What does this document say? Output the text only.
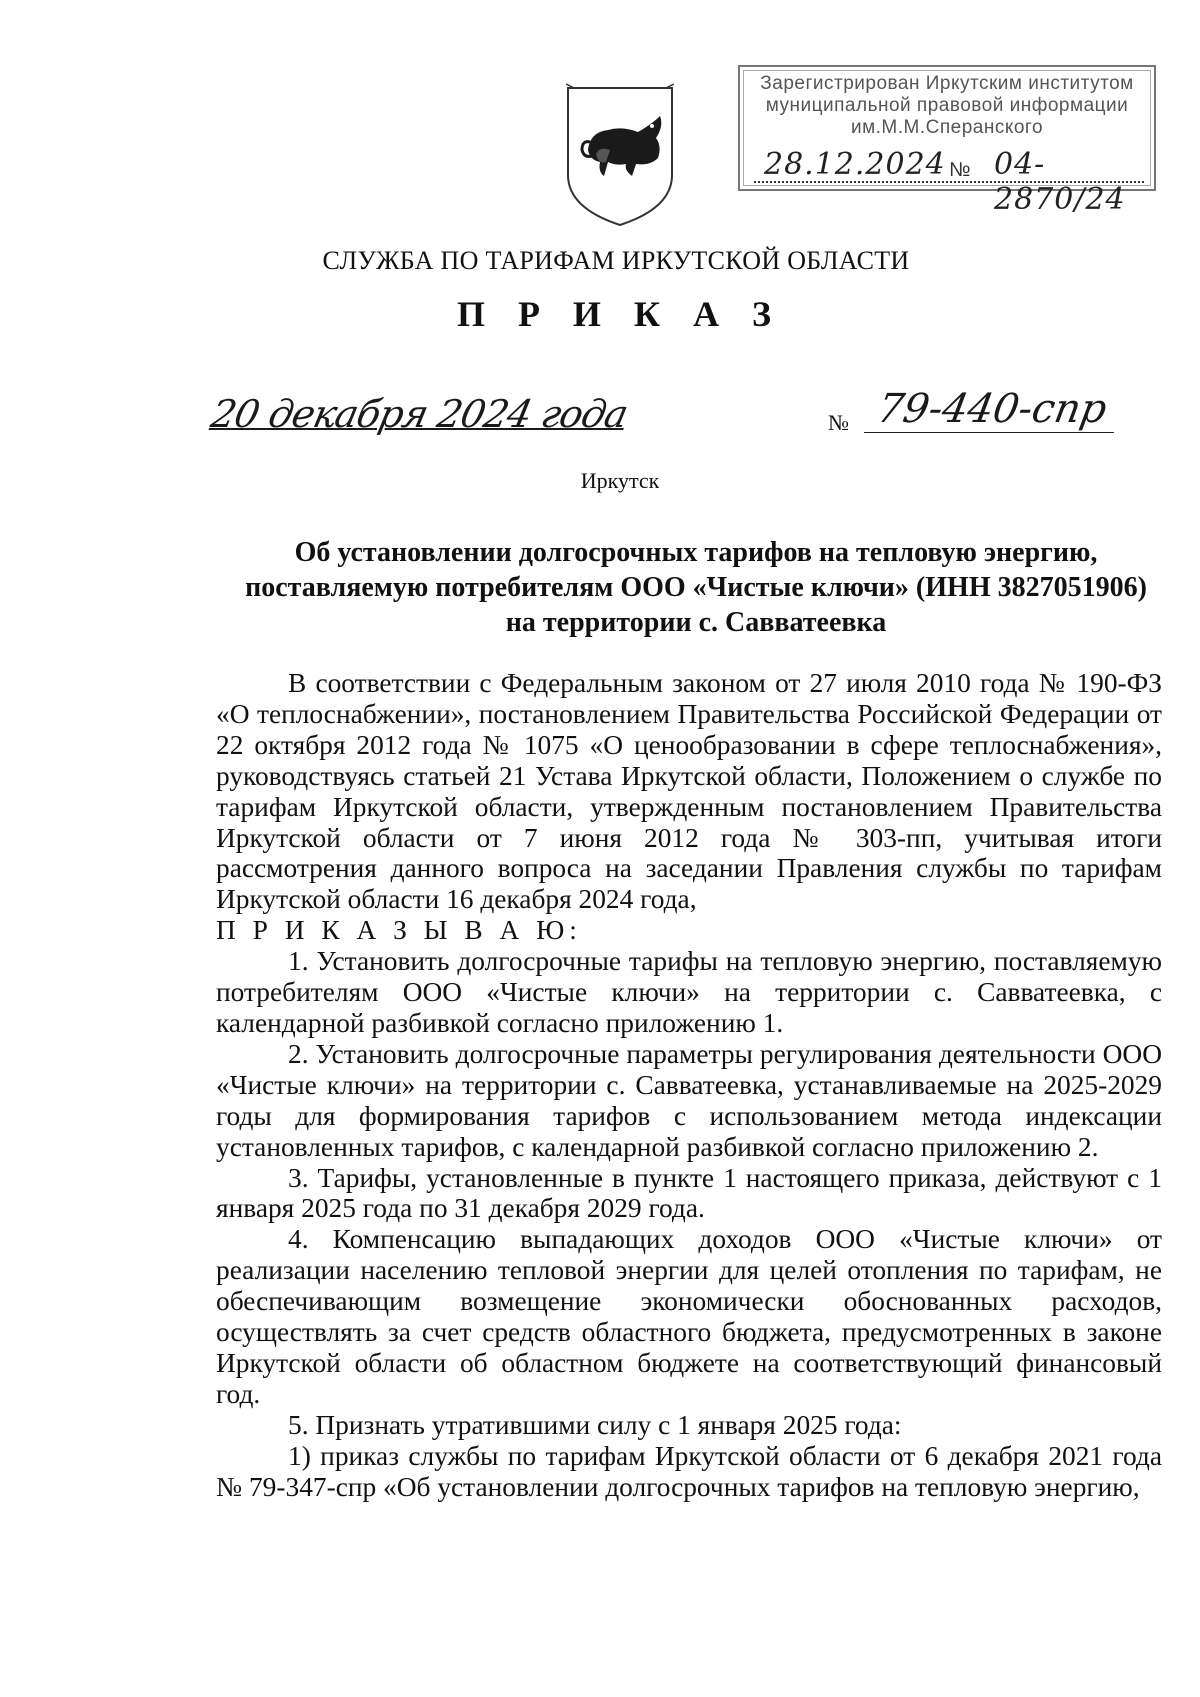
Зарегистрирован Иркутским институтом
муниципальной правовой информации
им.М.М.Сперанского
28.12.2024 № 04-2870/24
СЛУЖБА ПО ТАРИФАМ ИРКУТСКОЙ ОБЛАСТИ
П Р И К А З
20 декабря 2024 года	№ 79-440-спр
Иркутск
Об установлении долгосрочных тарифов на тепловую энергию,
поставляемую потребителям ООО «Чистые ключи» (ИНН 3827051906)
на территории с. Савватеевка

В соответствии с Федеральным законом от 27 июля 2010 года № 190-ФЗ «О теплоснабжении», постановлением Правительства Российской Федерации от 22 октября 2012 года № 1075 «О ценообразовании в сфере теплоснабжения», руководствуясь статьей 21 Устава Иркутской области, Положением о службе по тарифам Иркутской области, утвержденным постановлением Правительства Иркутской области от 7 июня 2012 года № 303-пп, учитывая итоги рассмотрения данного вопроса на заседании Правления службы по тарифам Иркутской области 16 декабря 2024 года,

П Р И К А З Ы В А Ю:

1. Установить долгосрочные тарифы на тепловую энергию, поставляемую потребителям ООО «Чистые ключи» на территории с. Савватеевка, с календарной разбивкой согласно приложению 1.

2. Установить долгосрочные параметры регулирования деятельности ООО «Чистые ключи» на территории с. Савватеевка, устанавливаемые на 2025-2029 годы для формирования тарифов с использованием метода индексации установленных тарифов, с календарной разбивкой согласно приложению 2.

3. Тарифы, установленные в пункте 1 настоящего приказа, действуют с 1 января 2025 года по 31 декабря 2029 года.

4. Компенсацию выпадающих доходов ООО «Чистые ключи» от реализации населению тепловой энергии для целей отопления по тарифам, не обеспечивающим возмещение экономически обоснованных расходов, осуществлять за счет средств областного бюджета, предусмотренных в законе Иркутской области об областном бюджете на соответствующий финансовый год.

5. Признать утратившими силу с 1 января 2025 года:

1) приказ службы по тарифам Иркутской области от 6 декабря 2021 года № 79-347-спр «Об установлении долгосрочных тарифов на тепловую энергию,
